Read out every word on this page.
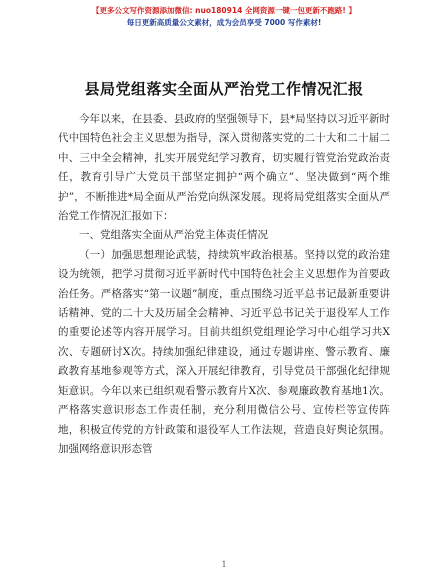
【更多公文写作资源添加微信: nuo180914 全网资源一键一包更新不跑路! 】
每日更新高质量公文素材，成为会员享受 7000 写作素材!
县局党组落实全面从严治党工作情况汇报

今年以来，在县委、县政府的坚强领导下，县*局坚持以习近平新时代中国特色社会主义思想为指导，深入贯彻落实党的二十大和二十届二中、三中全会精神，扎实开展党纪学习教育，切实履行管党治党政治责任，教育引导广大党员干部坚定拥护“两个确立”、坚决做到“两个维护”，不断推进*局全面从严治党向纵深发展。现将局党组落实全面从严治党工作情况汇报如下：

一、党组落实全面从严治党主体责任情况

（一）加强思想理论武装，持续筑牢政治根基。坚持以党的政治建设为统领，把学习贯彻习近平新时代中国特色社会主义思想作为首要政治任务。严格落实“第一议题”制度，重点围绕习近平总书记最新重要讲话精神、党的二十大及历届全会精神、习近平总书记关于退役军人工作的重要论述等内容开展学习。目前共组织党组理论学习中心组学习共X次、专题研讨X次。持续加强纪律建设，通过专题讲座、警示教育、廉政教育基地参观等方式，深入开展纪律教育，引导党员干部强化纪律规矩意识。今年以来已组织观看警示教育片X次、参观廉政教育基地1次。严格落实意识形态工作责任制，充分利用微信公号、宣传栏等宣传阵地，积极宣传党的方针政策和退役军人工作法规，营造良好舆论氛围。加强网络意识形态管

1
